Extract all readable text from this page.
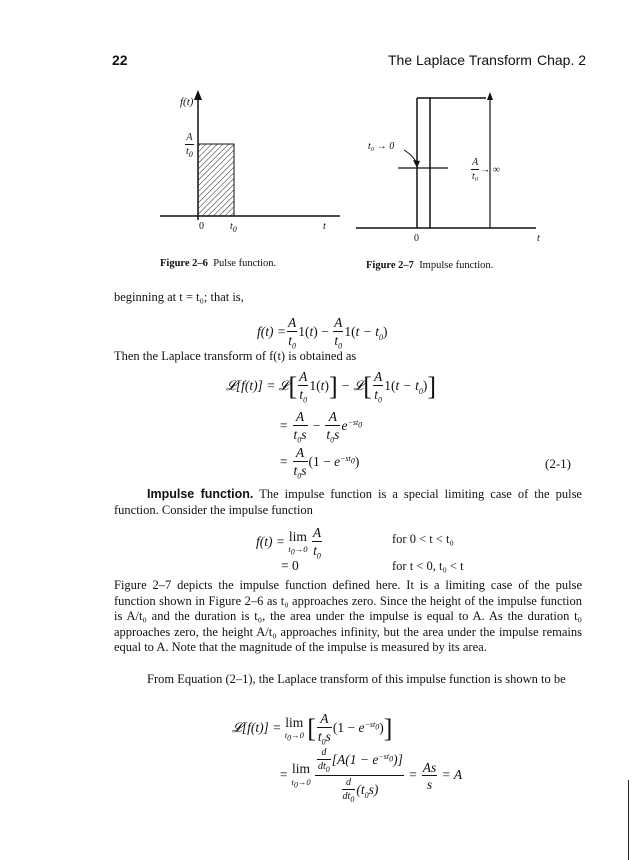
22	The Laplace Transform Chap. 2
f(t)
$\frac{A}{t_0}$
0	$t_0$	t
Figure 2–6 Pulse function.
t₀ → 0
$\frac{A}{\text{t₀}}$ → ∞
0	t
Figure 2–7 Impulse function.

beginning at t = t₀; that is,

$f(t) = \frac{A}{t_0} 1(t) - \frac{A}{t_0} 1(t - t_0)$

Then the Laplace transform of f(t) is obtained as

𝓛[f(t)] = 𝓛[ $\frac{A}{t_0} 1(t)$] − 𝓛[ $\frac{A}{t_0} 1(t - t_0)$]
= $\frac{A}{t_0s} - \frac{A}{t_0s} e^{-st_0}$
= $\frac{A}{t_0s} (1 - e^{-st_0})$	(2-1)

Impulse function. The impulse function is a special limiting case of the pulse function. Consider the impulse function

f(t) = lim
$t_0\to 0$
$\frac{A}{t_0}$	for 0 < t < t₀
= 0	for t < 0, t₀ < t

Figure 2–7 depicts the impulse function defined here. It is a limiting case of the pulse function shown in Figure 2–6 as t₀ approaches zero. Since the height of the impulse function is A/t₀ and the duration is t₀, the area under the impulse is equal to A. As the duration t₀ approaches zero, the height A/t₀ approaches infinity, but the area under the impulse remains equal to A. Note that the magnitude of the impulse is measured by its area.

From Equation (2–1), the Laplace transform of this impulse function is shown to be

𝓛[f(t)] = lim
$t_0\to 0$ [ $\frac{A}{t_0s} (1 - e^{-st_0})$]
= lim
$t_0\to 0$
$\frac{\frac{d}{dt_0} [A(1 - e^{-st_0})]}{\frac{d}{dt_0} (t_0s)} = \frac{As}{s} = A$
